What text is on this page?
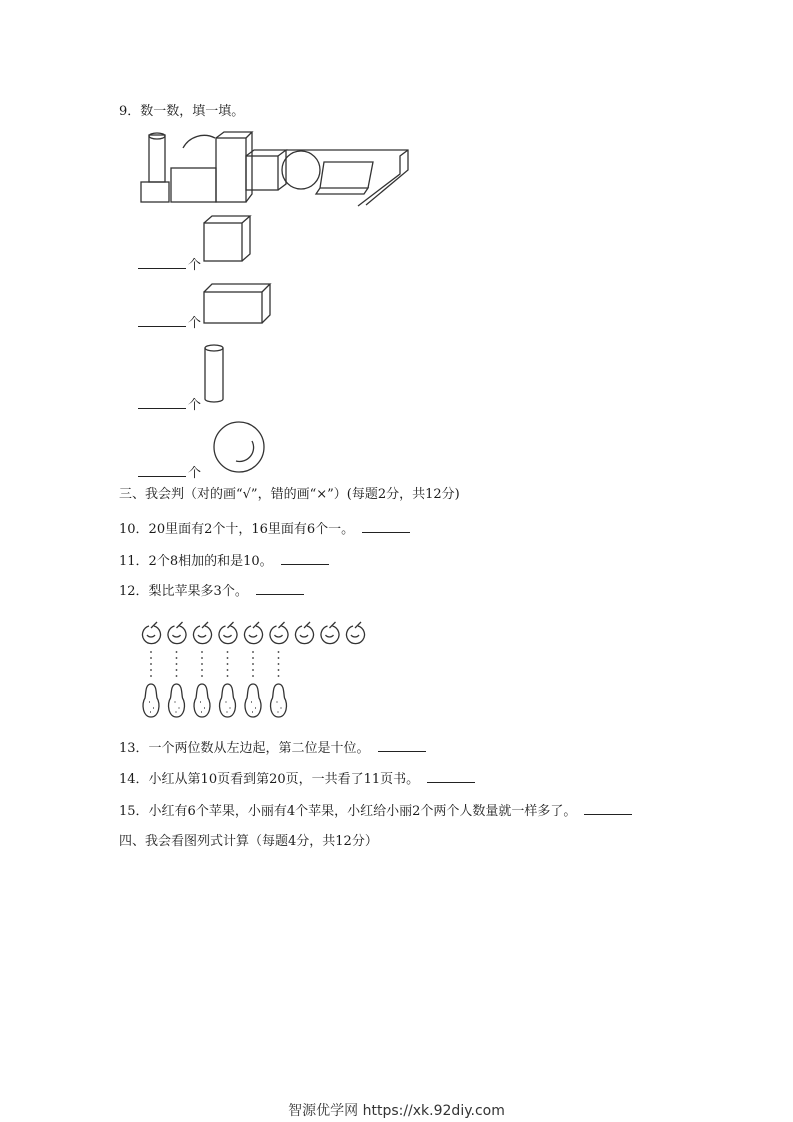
9．数一数，填一填。
个
个
个
个
三、我会判（对的画“√”，错的画“×”）(每题2分，共12分)
10．20里面有2个十，16里面有6个一。
11．2个8相加的和是10。
12．梨比苹果多3个。
13．一个两位数从左边起，第二位是十位。
14．小红从第10页看到第20页，一共看了11页书。
15．小红有6个苹果，小丽有4个苹果，小红给小丽2个两个人数量就一样多了。
四、我会看图列式计算（每题4分，共12分）
智源优学网 https://xk.92diy.com
